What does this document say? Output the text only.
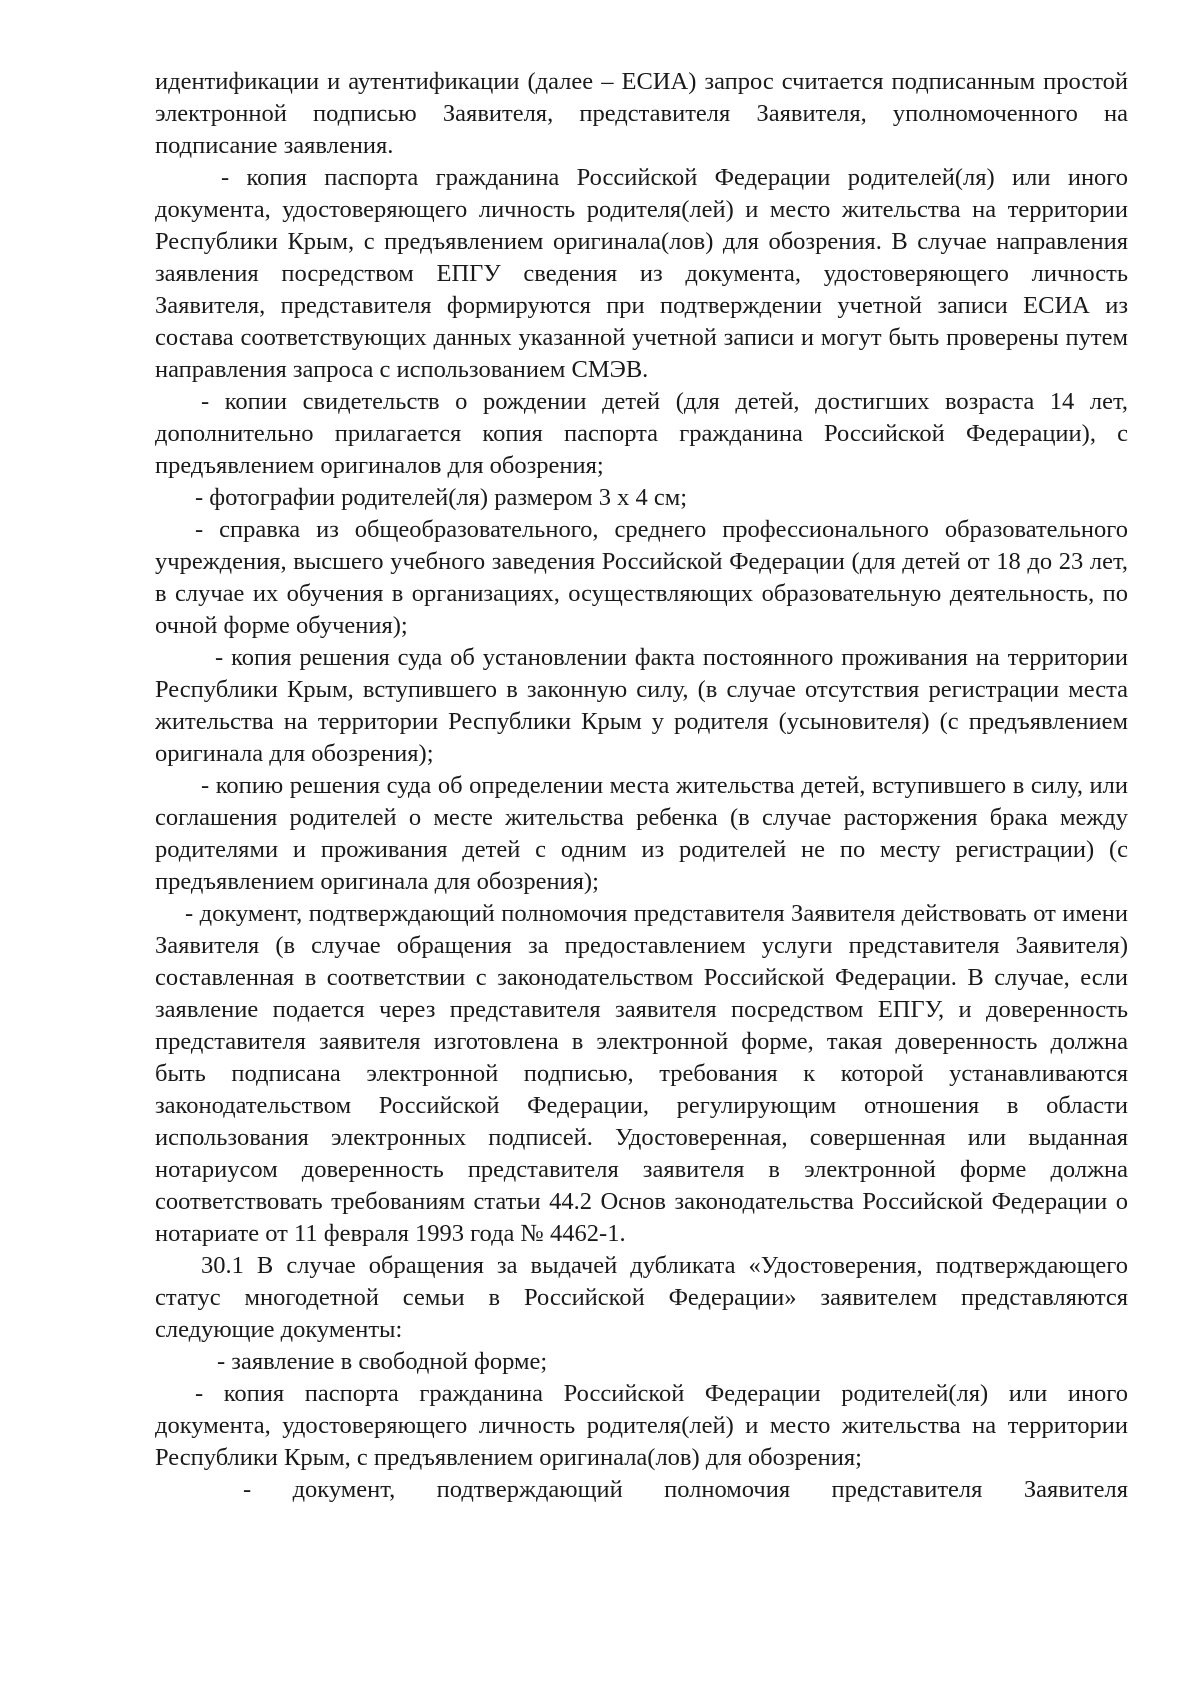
идентификации и аутентификации (далее – ЕСИА) запрос считается подписанным простой электронной подписью Заявителя, представителя Заявителя, уполномоченного на подписание заявления.

- копия паспорта гражданина Российской Федерации родителей(ля) или иного документа, удостоверяющего личность родителя(лей) и место жительства на территории Республики Крым, с предъявлением оригинала(лов) для обозрения. В случае направления заявления посредством ЕПГУ сведения из документа, удостоверяющего личность Заявителя, представителя формируются при подтверждении учетной записи ЕСИА из состава соответствующих данных указанной учетной записи и могут быть проверены путем направления запроса с использованием СМЭВ.

- копии свидетельств о рождении детей (для детей, достигших возраста 14 лет, дополнительно прилагается копия паспорта гражданина Российской Федерации), с предъявлением оригиналов для обозрения;

- фотографии родителей(ля) размером 3 х 4 см;

- справка из общеобразовательного, среднего профессионального образовательного учреждения, высшего учебного заведения Российской Федерации (для детей от 18 до 23 лет, в случае их обучения в организациях, осуществляющих образовательную деятельность, по очной форме обучения);

- копия решения суда об установлении факта постоянного проживания на территории Республики Крым, вступившего в законную силу, (в случае отсутствия регистрации места жительства на территории Республики Крым у родителя (усыновителя) (с предъявлением оригинала для обозрения);

- копию решения суда об определении места жительства детей, вступившего в силу, или соглашения родителей о месте жительства ребенка (в случае расторжения брака между родителями и проживания детей с одним из родителей не по месту регистрации) (с предъявлением оригинала для обозрения);

- документ, подтверждающий полномочия представителя Заявителя действовать от имени Заявителя (в случае обращения за предоставлением услуги представителя Заявителя) составленная в соответствии с законодательством Российской Федерации. В случае, если заявление подается через представителя заявителя посредством ЕПГУ, и доверенность представителя заявителя изготовлена в электронной форме, такая доверенность должна быть подписана электронной подписью, требования к которой устанавливаются законодательством Российской Федерации, регулирующим отношения в области использования электронных подписей. Удостоверенная, совершенная или выданная нотариусом доверенность представителя заявителя в электронной форме должна соответствовать требованиям статьи 44.2 Основ законодательства Российской Федерации о нотариате от 11 февраля 1993 года № 4462-1.

30.1 В случае обращения за выдачей дубликата «Удостоверения, подтверждающего статус многодетной семьи в Российской Федерации» заявителем представляются следующие документы:

- заявление в свободной форме;

- копия паспорта гражданина Российской Федерации родителей(ля) или иного документа, удостоверяющего личность родителя(лей) и место жительства на территории Республики Крым, с предъявлением оригинала(лов) для обозрения;

- документ, подтверждающий полномочия представителя Заявителя
